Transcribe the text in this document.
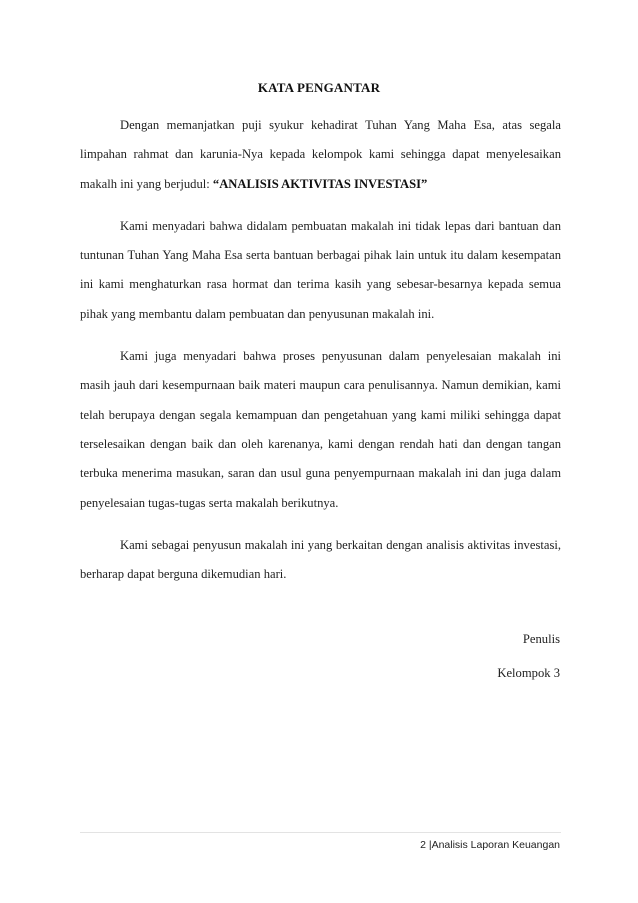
KATA PENGANTAR

Dengan memanjatkan puji syukur kehadirat Tuhan Yang Maha Esa, atas segala limpahan rahmat dan karunia-Nya kepada kelompok kami sehingga dapat menyelesaikan makalh ini yang berjudul: “ANALISIS AKTIVITAS INVESTASI”

Kami menyadari bahwa didalam pembuatan makalah ini tidak lepas dari bantuan dan tuntunan Tuhan Yang Maha Esa serta bantuan berbagai pihak lain untuk itu dalam kesempatan ini kami menghaturkan rasa hormat dan terima kasih yang sebesar-besarnya kepada semua pihak yang membantu dalam pembuatan dan penyusunan makalah ini.

Kami juga menyadari bahwa proses penyusunan dalam penyelesaian makalah ini masih jauh dari kesempurnaan baik materi maupun cara penulisannya. Namun demikian, kami telah berupaya dengan segala kemampuan dan pengetahuan yang kami miliki sehingga dapat terselesaikan dengan baik dan oleh karenanya, kami dengan rendah hati dan dengan tangan terbuka menerima masukan, saran dan usul guna penyempurnaan makalah ini dan juga dalam penyelesaian tugas-tugas serta makalah berikutnya.

Kami sebagai penyusun makalah ini yang berkaitan dengan analisis aktivitas investasi, berharap dapat berguna dikemudian hari.

Penulis
Kelompok 3
2 |Analisis Laporan Keuangan
